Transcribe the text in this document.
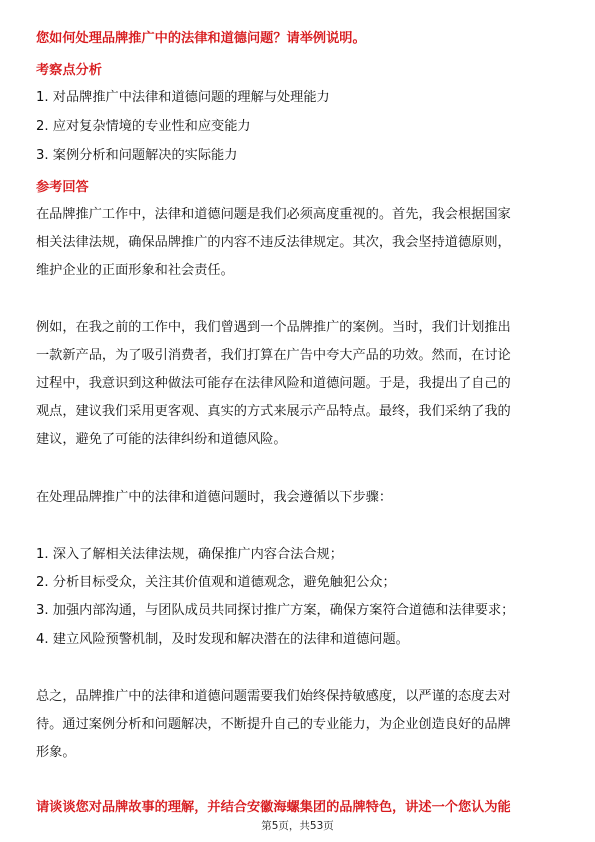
您如何处理品牌推广中的法律和道德问题？请举例说明。
考察点分析
1. 对品牌推广中法律和道德问题的理解与处理能力
2. 应对复杂情境的专业性和应变能力
3. 案例分析和问题解决的实际能力
参考回答
在品牌推广工作中，法律和道德问题是我们必须高度重视的。首先，我会根据国家
相关法律法规，确保品牌推广的内容不违反法律规定。其次，我会坚持道德原则，
维护企业的正面形象和社会责任。
例如，在我之前的工作中，我们曾遇到一个品牌推广的案例。当时，我们计划推出
一款新产品，为了吸引消费者，我们打算在广告中夸大产品的功效。然而，在讨论
过程中，我意识到这种做法可能存在法律风险和道德问题。于是，我提出了自己的
观点，建议我们采用更客观、真实的方式来展示产品特点。最终，我们采纳了我的
建议，避免了可能的法律纠纷和道德风险。
在处理品牌推广中的法律和道德问题时，我会遵循以下步骤：
1. 深入了解相关法律法规，确保推广内容合法合规；
2. 分析目标受众，关注其价值观和道德观念，避免触犯公众；
3. 加强内部沟通，与团队成员共同探讨推广方案，确保方案符合道德和法律要求；
4. 建立风险预警机制，及时发现和解决潜在的法律和道德问题。
总之，品牌推广中的法律和道德问题需要我们始终保持敏感度，以严谨的态度去对
待。通过案例分析和问题解决，不断提升自己的专业能力，为企业创造良好的品牌
形象。
请谈谈您对品牌故事的理解，并结合安徽海螺集团的品牌特色，讲述一个您认为能
第5页，共53页
